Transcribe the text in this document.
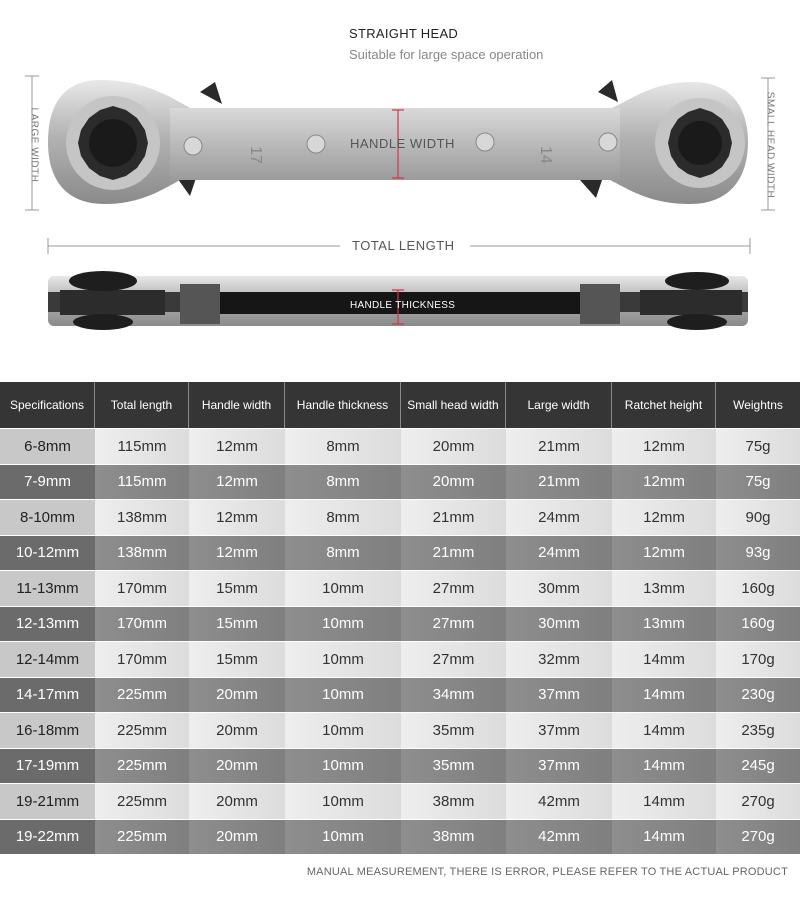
STRAIGHT HEAD
Suitable for large space operation
17	14
LARGE WIDTH	SMALL HEAD WIDTH
HANDLE WIDTH
TOTAL LENGTH
HANDLE THICKNESS
Specifications	Total length	Handle width	Handle thickness	Small head width	Large width	Ratchet height	Weightns
6-8mm	115mm	12mm	8mm	20mm	21mm	12mm	75g
7-9mm	115mm	12mm	8mm	20mm	21mm	12mm	75g
8-10mm	138mm	12mm	8mm	21mm	24mm	12mm	90g
10-12mm	138mm	12mm	8mm	21mm	24mm	12mm	93g
11-13mm	170mm	15mm	10mm	27mm	30mm	13mm	160g
12-13mm	170mm	15mm	10mm	27mm	30mm	13mm	160g
12-14mm	170mm	15mm	10mm	27mm	32mm	14mm	170g
14-17mm	225mm	20mm	10mm	34mm	37mm	14mm	230g
16-18mm	225mm	20mm	10mm	35mm	37mm	14mm	235g
17-19mm	225mm	20mm	10mm	35mm	37mm	14mm	245g
19-21mm	225mm	20mm	10mm	38mm	42mm	14mm	270g
19-22mm	225mm	20mm	10mm	38mm	42mm	14mm	270g
MANUAL MEASUREMENT, THERE IS ERROR, PLEASE REFER TO THE ACTUAL PRODUCT
